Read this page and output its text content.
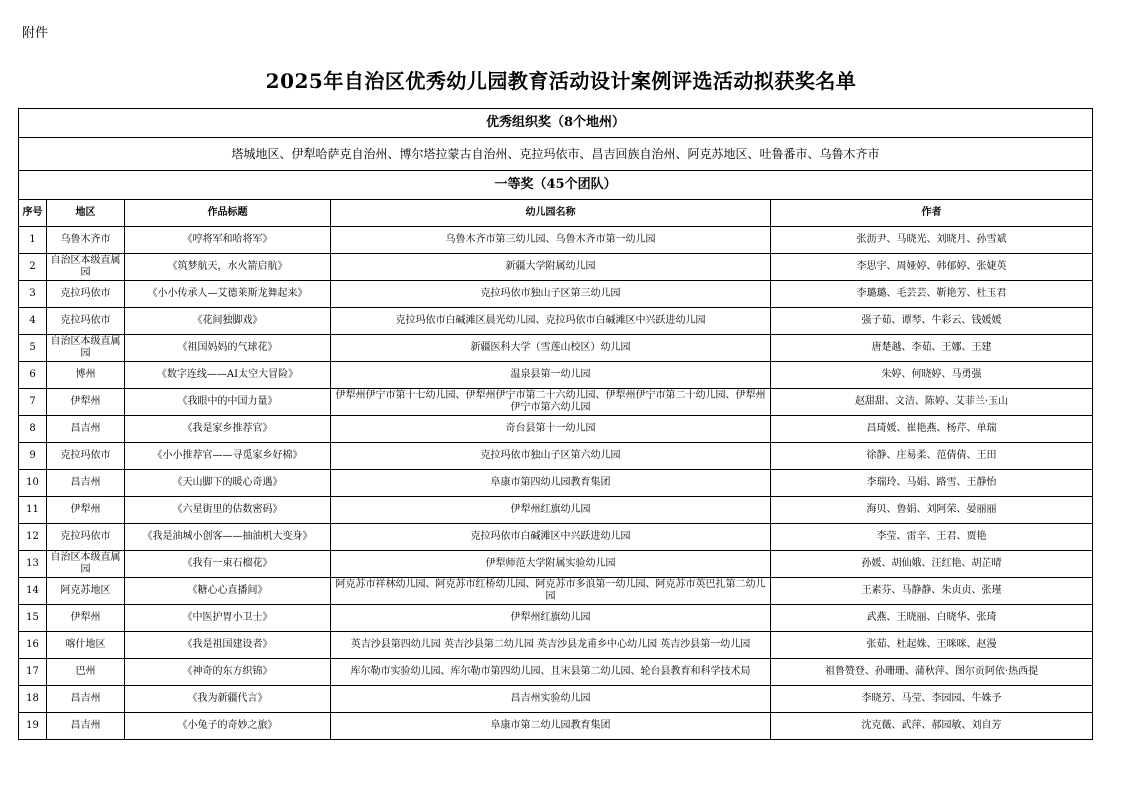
附件
2025年自治区优秀幼儿园教育活动设计案例评选活动拟获奖名单
优秀组织奖（8个地州）				
塔城地区、伊犁哈萨克自治州、博尔塔拉蒙古自治州、克拉玛依市、昌吉回族自治州、阿克苏地区、吐鲁番市、乌鲁木齐市				
一等奖（45个团队）				
序号	地区	作品标题	幼儿园名称	作者
1	乌鲁木齐市	《哼将军和哈将军》	乌鲁木齐市第三幼儿园、乌鲁木齐市第一幼儿园	张沥尹、马晓光、刘晓月、孙雪斌
2	自治区本级直属园	《筑梦航天，水火箭启航》	新疆大学附属幼儿园	李思宇、周娅婷、韩郁婷、张婕英
3	克拉玛依市	《小小传承人—艾德莱斯龙舞起来》	克拉玛依市独山子区第三幼儿园	李璐璐、毛芸芸、靳艳芳、杜玉君
4	克拉玛依市	《花间独脚戏》	克拉玛依市白碱滩区晨光幼儿园、克拉玛依市白碱滩区中兴跃进幼儿园	强子茹、谭琴、牛彩云、钱媛媛
5	自治区本级直属园	《祖国妈妈的气球花》	新疆医科大学（雪莲山校区）幼儿园	唐楚越、李茹、王娜、王建
6	博州	《数字连线——AI太空大冒险》	温泉县第一幼儿园	朱婷、何晓婷、马勇强
7	伊犁州	《我眼中的中国力量》	伊犁州伊宁市第十七幼儿园、伊犁州伊宁市第二十六幼儿园、伊犁州伊宁市第二十幼儿园、伊犁州伊宁市第六幼儿园	赵甜甜、文洁、陈婷、艾菲兰·玉山
8	昌吉州	《我是家乡推荐官》	奇台县第十一幼儿园	昌琦媛、崔艳燕、杨芹、单瑞
9	克拉玛依市	《小小推荐官——寻觅家乡好棉》	克拉玛依市独山子区第六幼儿园	徐静、庄易柔、范倩倩、王田
10	昌吉州	《天山脚下的暖心奇遇》	阜康市第四幼儿园教育集团	李瑞玲、马娟、路雪、王静怡
11	伊犁州	《六星街里的估数密码》	伊犁州红旗幼儿园	海贝、鲁娟、刘阿荣、晏丽丽
12	克拉玛依市	《我是油城小创客——抽油机大变身》	克拉玛依市白碱滩区中兴跃进幼儿园	李莹、雷辛、王君、贾艳
13	自治区本级直属园	《我有一束石榴花》	伊犁师范大学附属实验幼儿园	孙媛、胡仙娥、汪红艳、胡芷晴
14	阿克苏地区	《糖心心直播间》	阿克苏市祥林幼儿园、阿克苏市红桥幼儿园、阿克苏市多浪第一幼儿园、阿克苏市英巴扎第二幼儿园	王素芬、马静静、朱贞贞、张瑾
15	伊犁州	《中医护胃小卫士》	伊犁州红旗幼儿园	武燕、王晓丽、白晓华、张琦
16	喀什地区	《我是祖国建设者》	英吉沙县第四幼儿园 英吉沙县第二幼儿园 英吉沙县龙甫乡中心幼儿园 英吉沙县第一幼儿园	张茹、杜起姝、王咪咪、赵漫
17	巴州	《神奇的东方织锦》	库尔勒市实验幼儿园、库尔勒市第四幼儿园、且末县第二幼儿园、轮台县教育和科学技术局	祖鲁赞登、孙珊珊、蒲秋萍、图尔贡阿依·热西提
18	昌吉州	《我为新疆代言》	昌吉州实验幼儿园	李晓芳、马莹、李园园、牛姝予
19	昌吉州	《小兔子的奇妙之旅》	阜康市第二幼儿园教育集团	沈克薇、武萍、郝园敏、刘自芳
